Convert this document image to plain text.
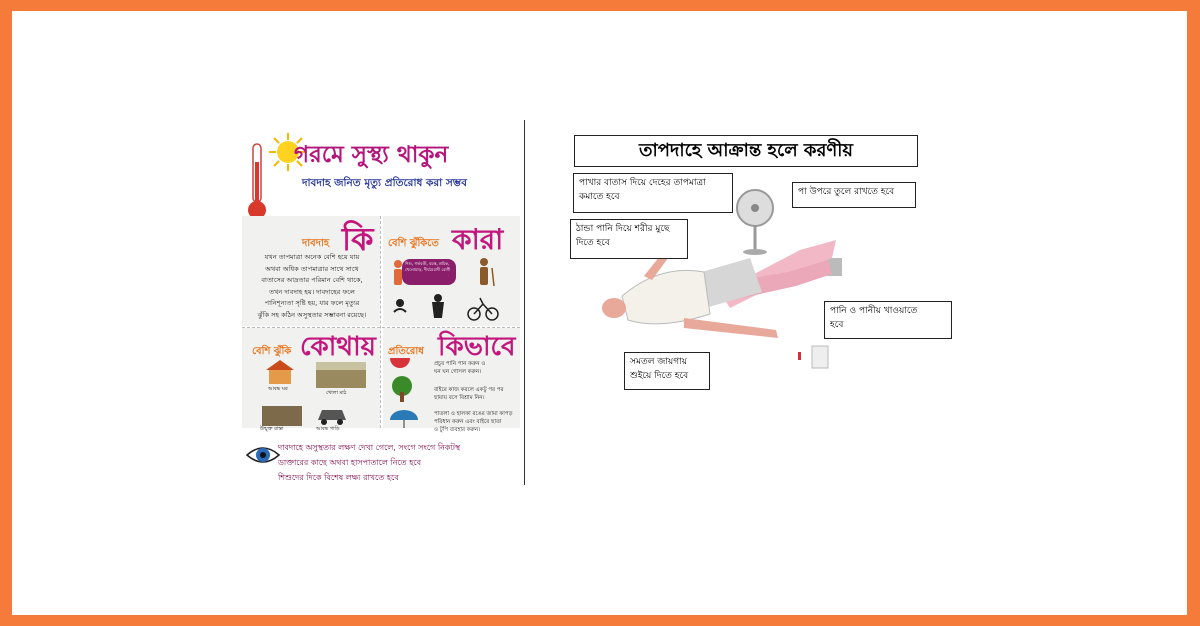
গরমে সুস্থ্য থাকুন
দাবদাহ জনিত মৃত্যু প্রতিরোধ করা সম্ভব
দাবদাহ কি
যখন তাপমাত্রা অনেক বেশি হয়ে যায়
অথবা অধিক তাপমাত্রার সাথে সাথে
বাতাসের আদ্রতার পরিমান বেশি থাকে,
তখন দাবদাহ হয়। দাবদাহের ফলে
পানিশূন্যতা সৃষ্টি হয়, যার ফলে মৃত্যুর
ঝুঁকি সহ কঠিন অসুস্থতার সম্ভাবনা রয়েছে।
বেশি ঝুঁকিতে কারা
শিশু, গর্ভবতী, বয়স্ক, শ্রমিক, খেলোয়াড়, দীর্ঘমেয়াদী রোগী
বেশি ঝুঁকি কোথায়
আবদ্ধ ঘর
খোলা মাঠ
উন্মুক্ত রাস্তা	আবদ্ধ গাড়ি
প্রতিরোধ কিভাবে
প্রচুর পানি পান করুন ও
ঘন ঘন গোসল করুন।
বাইরে কাজ করলে একটু পর পর
ছায়ায় বসে বিশ্রাম নিন।
পাতলা ও হালকা রঙের জামা কাপড়
পরিধান করুন এবং বাইরে ছাতা
ও টুপি ব্যবহার করুন।
দাবদাহে অসুস্থতার লক্ষণ দেখা গেলে, সংগে সংগে নিকটস্থ
ডাক্তারের কাছে অথবা হাসপাতালে নিতে হবে
শিশুদের দিকে বিশেষ লক্ষ্য রাখতে হবে
তাপদাহে আক্রান্ত হলে করণীয়
পাখার বাতাস দিয়ে দেহের তাপমাত্রা
কমাতে হবে	পা উপরে তুলে রাখতে হবে
ঠান্ডা পানি দিয়ে শরীর মুছে
দিতে হবে
পানি ও পানীয় খাওয়াতে
হবে
সমতল জায়গায়
শুইয়ে দিতে হবে
